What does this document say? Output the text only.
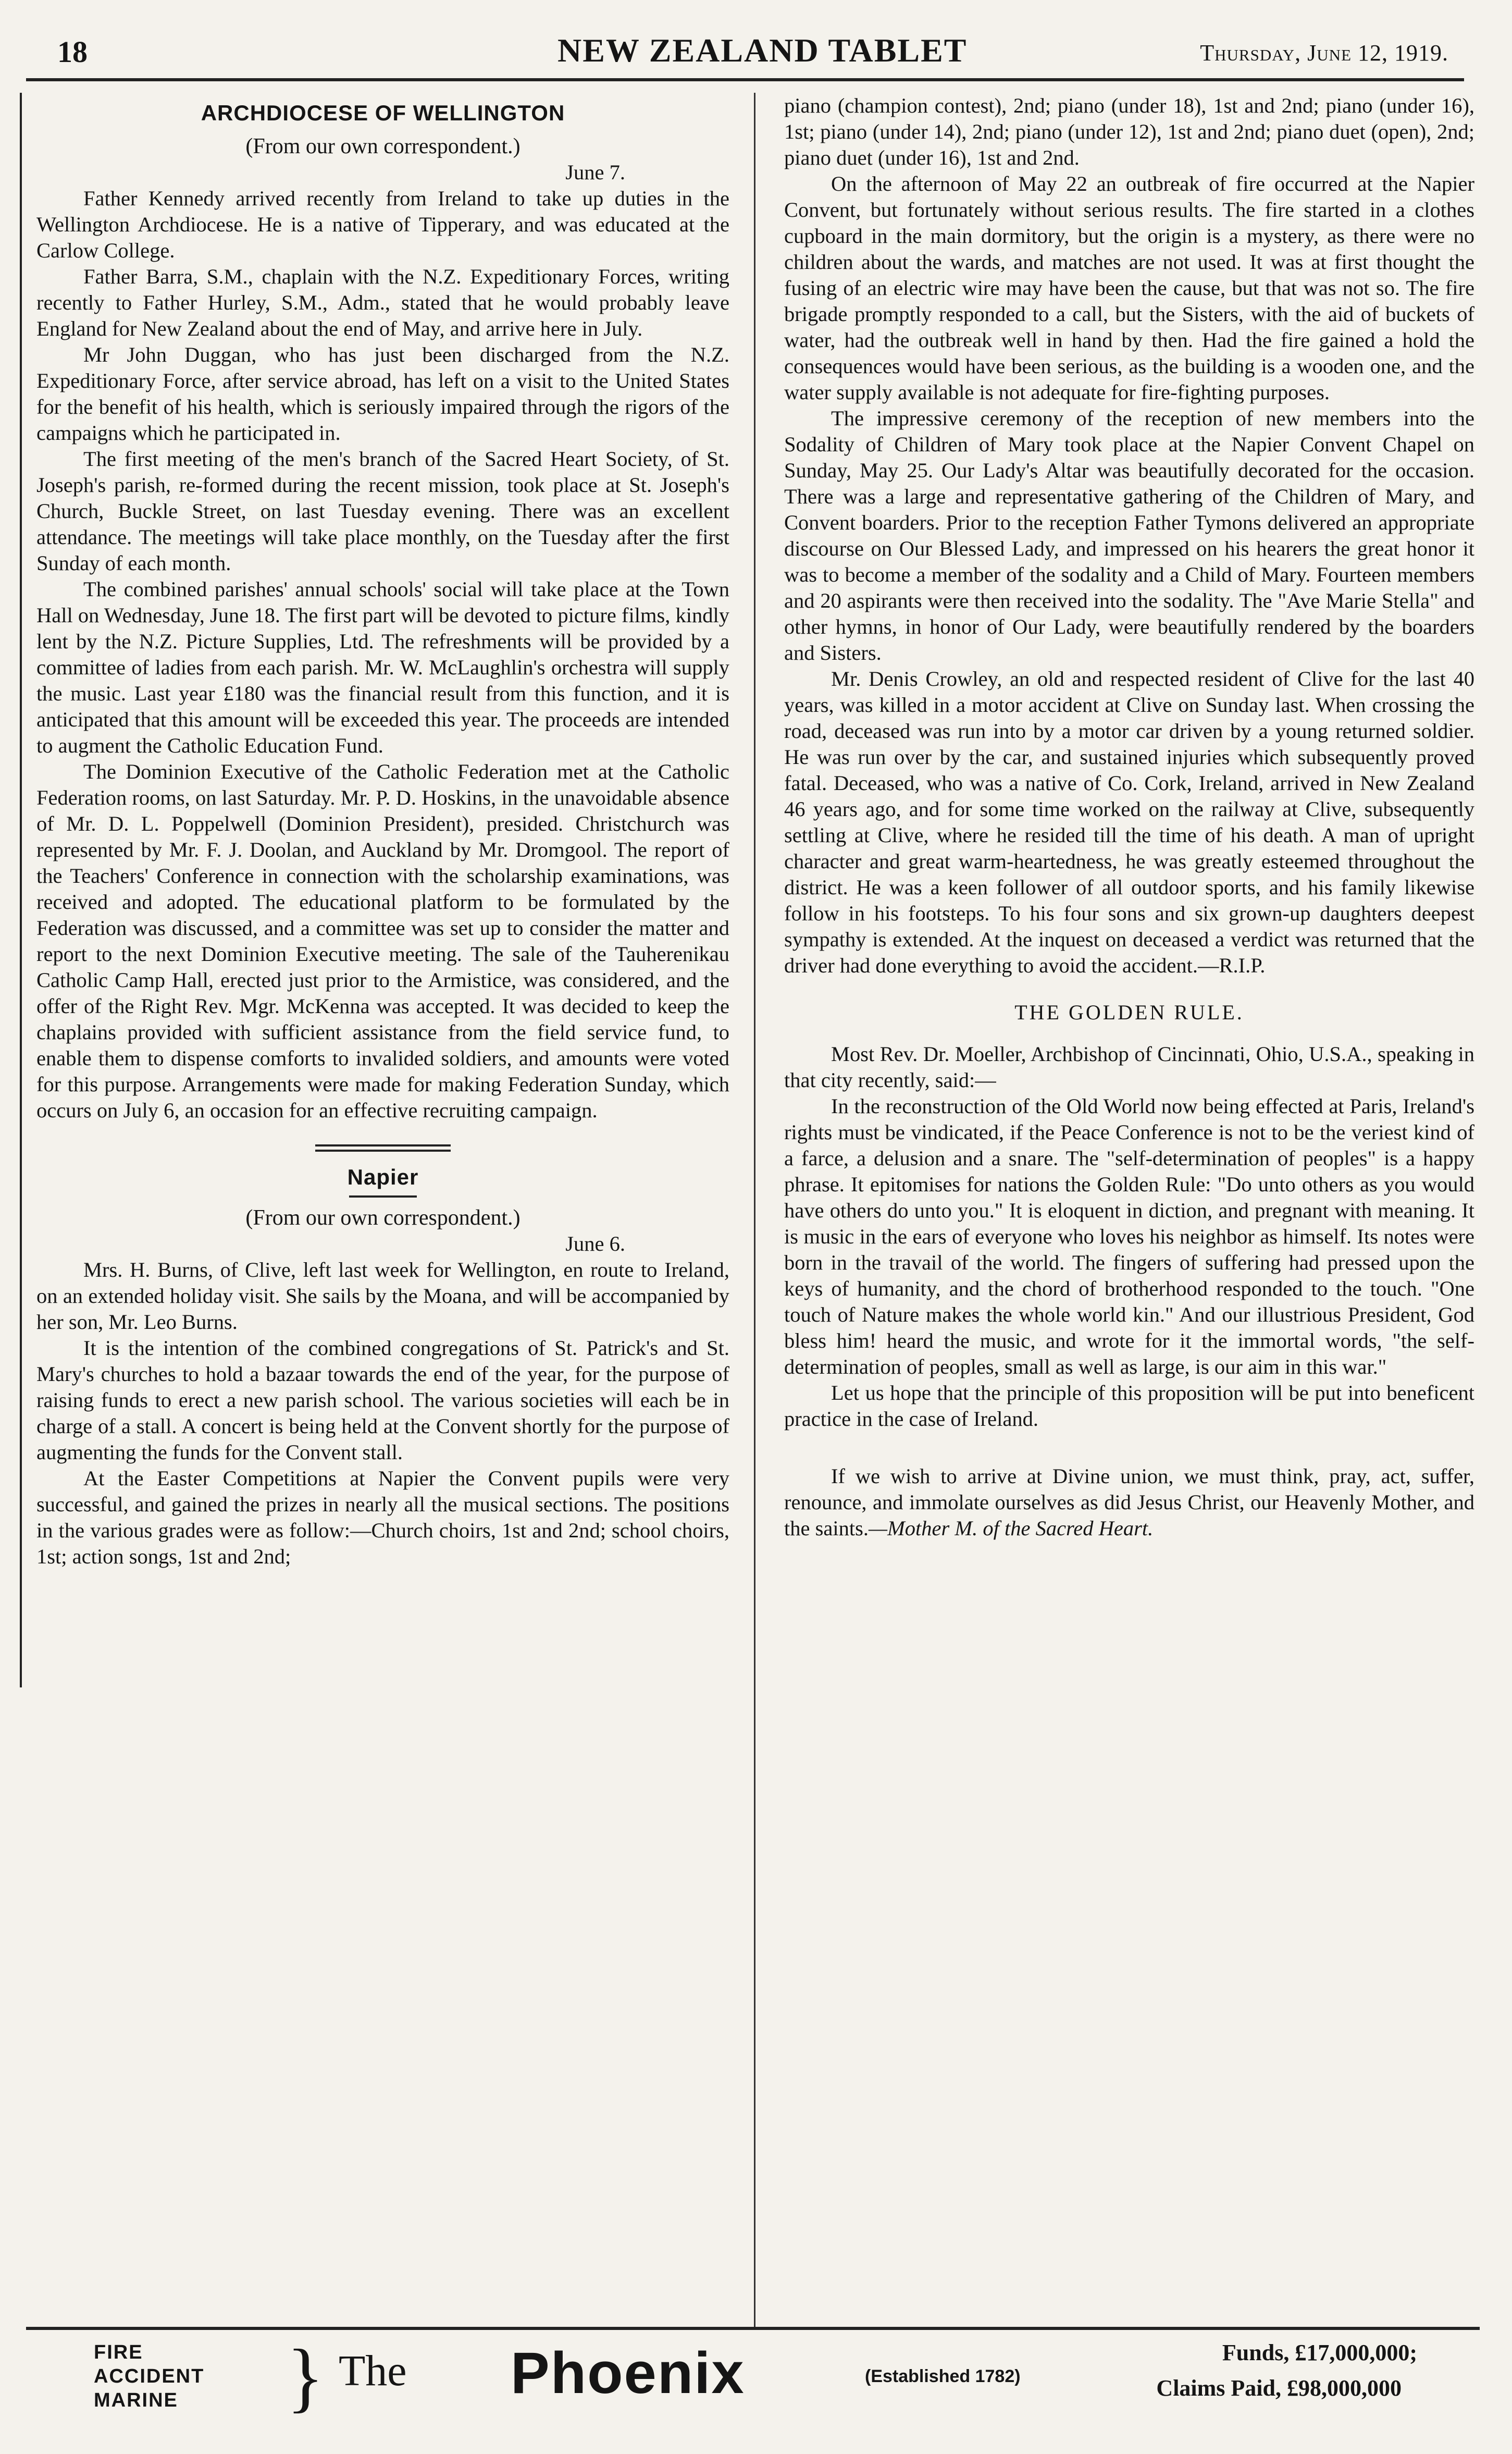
18	NEW ZEALAND TABLET	Thursday, June 12, 1919.
ARCHDIOCESE OF WELLINGTON
(From our own correspondent.)

June 7.

Father Kennedy arrived recently from Ireland to take up duties in the Wellington Archdiocese. He is a native of Tipperary, and was educated at the Carlow College.

Father Barra, S.M., chaplain with the N.Z. Expeditionary Forces, writing recently to Father Hurley, S.M., Adm., stated that he would probably leave England for New Zealand about the end of May, and arrive here in July.

Mr John Duggan, who has just been discharged from the N.Z. Expeditionary Force, after service abroad, has left on a visit to the United States for the benefit of his health, which is seriously impaired through the rigors of the campaigns which he participated in.

The first meeting of the men's branch of the Sacred Heart Society, of St. Joseph's parish, re-formed during the recent mission, took place at St. Joseph's Church, Buckle Street, on last Tuesday evening. There was an excellent attendance. The meetings will take place monthly, on the Tuesday after the first Sunday of each month.

The combined parishes' annual schools' social will take place at the Town Hall on Wednesday, June 18. The first part will be devoted to picture films, kindly lent by the N.Z. Picture Supplies, Ltd. The refreshments will be provided by a committee of ladies from each parish. Mr. W. McLaughlin's orchestra will supply the music. Last year £180 was the financial result from this function, and it is anticipated that this amount will be exceeded this year. The proceeds are intended to augment the Catholic Education Fund.

The Dominion Executive of the Catholic Federation met at the Catholic Federation rooms, on last Saturday. Mr. P. D. Hoskins, in the unavoidable absence of Mr. D. L. Poppelwell (Dominion President), presided. Christchurch was represented by Mr. F. J. Doolan, and Auckland by Mr. Dromgool. The report of the Teachers' Conference in connection with the scholarship examinations, was received and adopted. The educational platform to be formulated by the Federation was discussed, and a committee was set up to consider the matter and report to the next Dominion Executive meeting. The sale of the Tauherenikau Catholic Camp Hall, erected just prior to the Armistice, was considered, and the offer of the Right Rev. Mgr. McKenna was accepted. It was decided to keep the chaplains provided with sufficient assistance from the field service fund, to enable them to dispense comforts to invalided soldiers, and amounts were voted for this purpose. Arrangements were made for making Federation Sunday, which occurs on July 6, an occasion for an effective recruiting campaign.

Napier
(From our own correspondent.)

June 6.

Mrs. H. Burns, of Clive, left last week for Wellington, en route to Ireland, on an extended holiday visit. She sails by the Moana, and will be accompanied by her son, Mr. Leo Burns.

It is the intention of the combined congregations of St. Patrick's and St. Mary's churches to hold a bazaar towards the end of the year, for the purpose of raising funds to erect a new parish school. The various societies will each be in charge of a stall. A concert is being held at the Convent shortly for the purpose of augmenting the funds for the Convent stall.

At the Easter Competitions at Napier the Convent pupils were very successful, and gained the prizes in nearly all the musical sections. The positions in the various grades were as follow:—Church choirs, 1st and 2nd; school choirs, 1st; action songs, 1st and 2nd;

piano (champion contest), 2nd; piano (under 18), 1st and 2nd; piano (under 16), 1st; piano (under 14), 2nd; piano (under 12), 1st and 2nd; piano duet (open), 2nd; piano duet (under 16), 1st and 2nd.

On the afternoon of May 22 an outbreak of fire occurred at the Napier Convent, but fortunately without serious results. The fire started in a clothes cupboard in the main dormitory, but the origin is a mystery, as there were no children about the wards, and matches are not used. It was at first thought the fusing of an electric wire may have been the cause, but that was not so. The fire brigade promptly responded to a call, but the Sisters, with the aid of buckets of water, had the outbreak well in hand by then. Had the fire gained a hold the consequences would have been serious, as the building is a wooden one, and the water supply available is not adequate for fire-fighting purposes.

The impressive ceremony of the reception of new members into the Sodality of Children of Mary took place at the Napier Convent Chapel on Sunday, May 25. Our Lady's Altar was beautifully decorated for the occasion. There was a large and representative gathering of the Children of Mary, and Convent boarders. Prior to the reception Father Tymons delivered an appropriate discourse on Our Blessed Lady, and impressed on his hearers the great honor it was to become a member of the sodality and a Child of Mary. Fourteen members and 20 aspirants were then received into the sodality. The "Ave Marie Stella" and other hymns, in honor of Our Lady, were beautifully rendered by the boarders and Sisters.

Mr. Denis Crowley, an old and respected resident of Clive for the last 40 years, was killed in a motor accident at Clive on Sunday last. When crossing the road, deceased was run into by a motor car driven by a young returned soldier. He was run over by the car, and sustained injuries which subsequently proved fatal. Deceased, who was a native of Co. Cork, Ireland, arrived in New Zealand 46 years ago, and for some time worked on the railway at Clive, subsequently settling at Clive, where he resided till the time of his death. A man of upright character and great warm-heartedness, he was greatly esteemed throughout the district. He was a keen follower of all outdoor sports, and his family likewise follow in his footsteps. To his four sons and six grown-up daughters deepest sympathy is extended. At the inquest on deceased a verdict was returned that the driver had done everything to avoid the accident.—R.I.P.

THE GOLDEN RULE.

Most Rev. Dr. Moeller, Archbishop of Cincinnati, Ohio, U.S.A., speaking in that city recently, said:—

In the reconstruction of the Old World now being effected at Paris, Ireland's rights must be vindicated, if the Peace Conference is not to be the veriest kind of a farce, a delusion and a snare. The "self-determination of peoples" is a happy phrase. It epitomises for nations the Golden Rule: "Do unto others as you would have others do unto you." It is eloquent in diction, and pregnant with meaning. It is music in the ears of everyone who loves his neighbor as himself. Its notes were born in the travail of the world. The fingers of suffering had pressed upon the keys of humanity, and the chord of brotherhood responded to the touch. "One touch of Nature makes the whole world kin." And our illustrious President, God bless him! heard the music, and wrote for it the immortal words, "the self-determination of peoples, small as well as large, is our aim in this war."

Let us hope that the principle of this proposition will be put into beneficent practice in the case of Ireland.

If we wish to arrive at Divine union, we must think, pray, act, suffer, renounce, and immolate ourselves as did Jesus Christ, our Heavenly Mother, and the saints.—Mother M. of the Sacred Heart.

FIRE
ACCIDENT
MARINE	} The Phoenix	(Established 1782)
Funds, £17,000,000;
Claims Paid, £98,000,000
